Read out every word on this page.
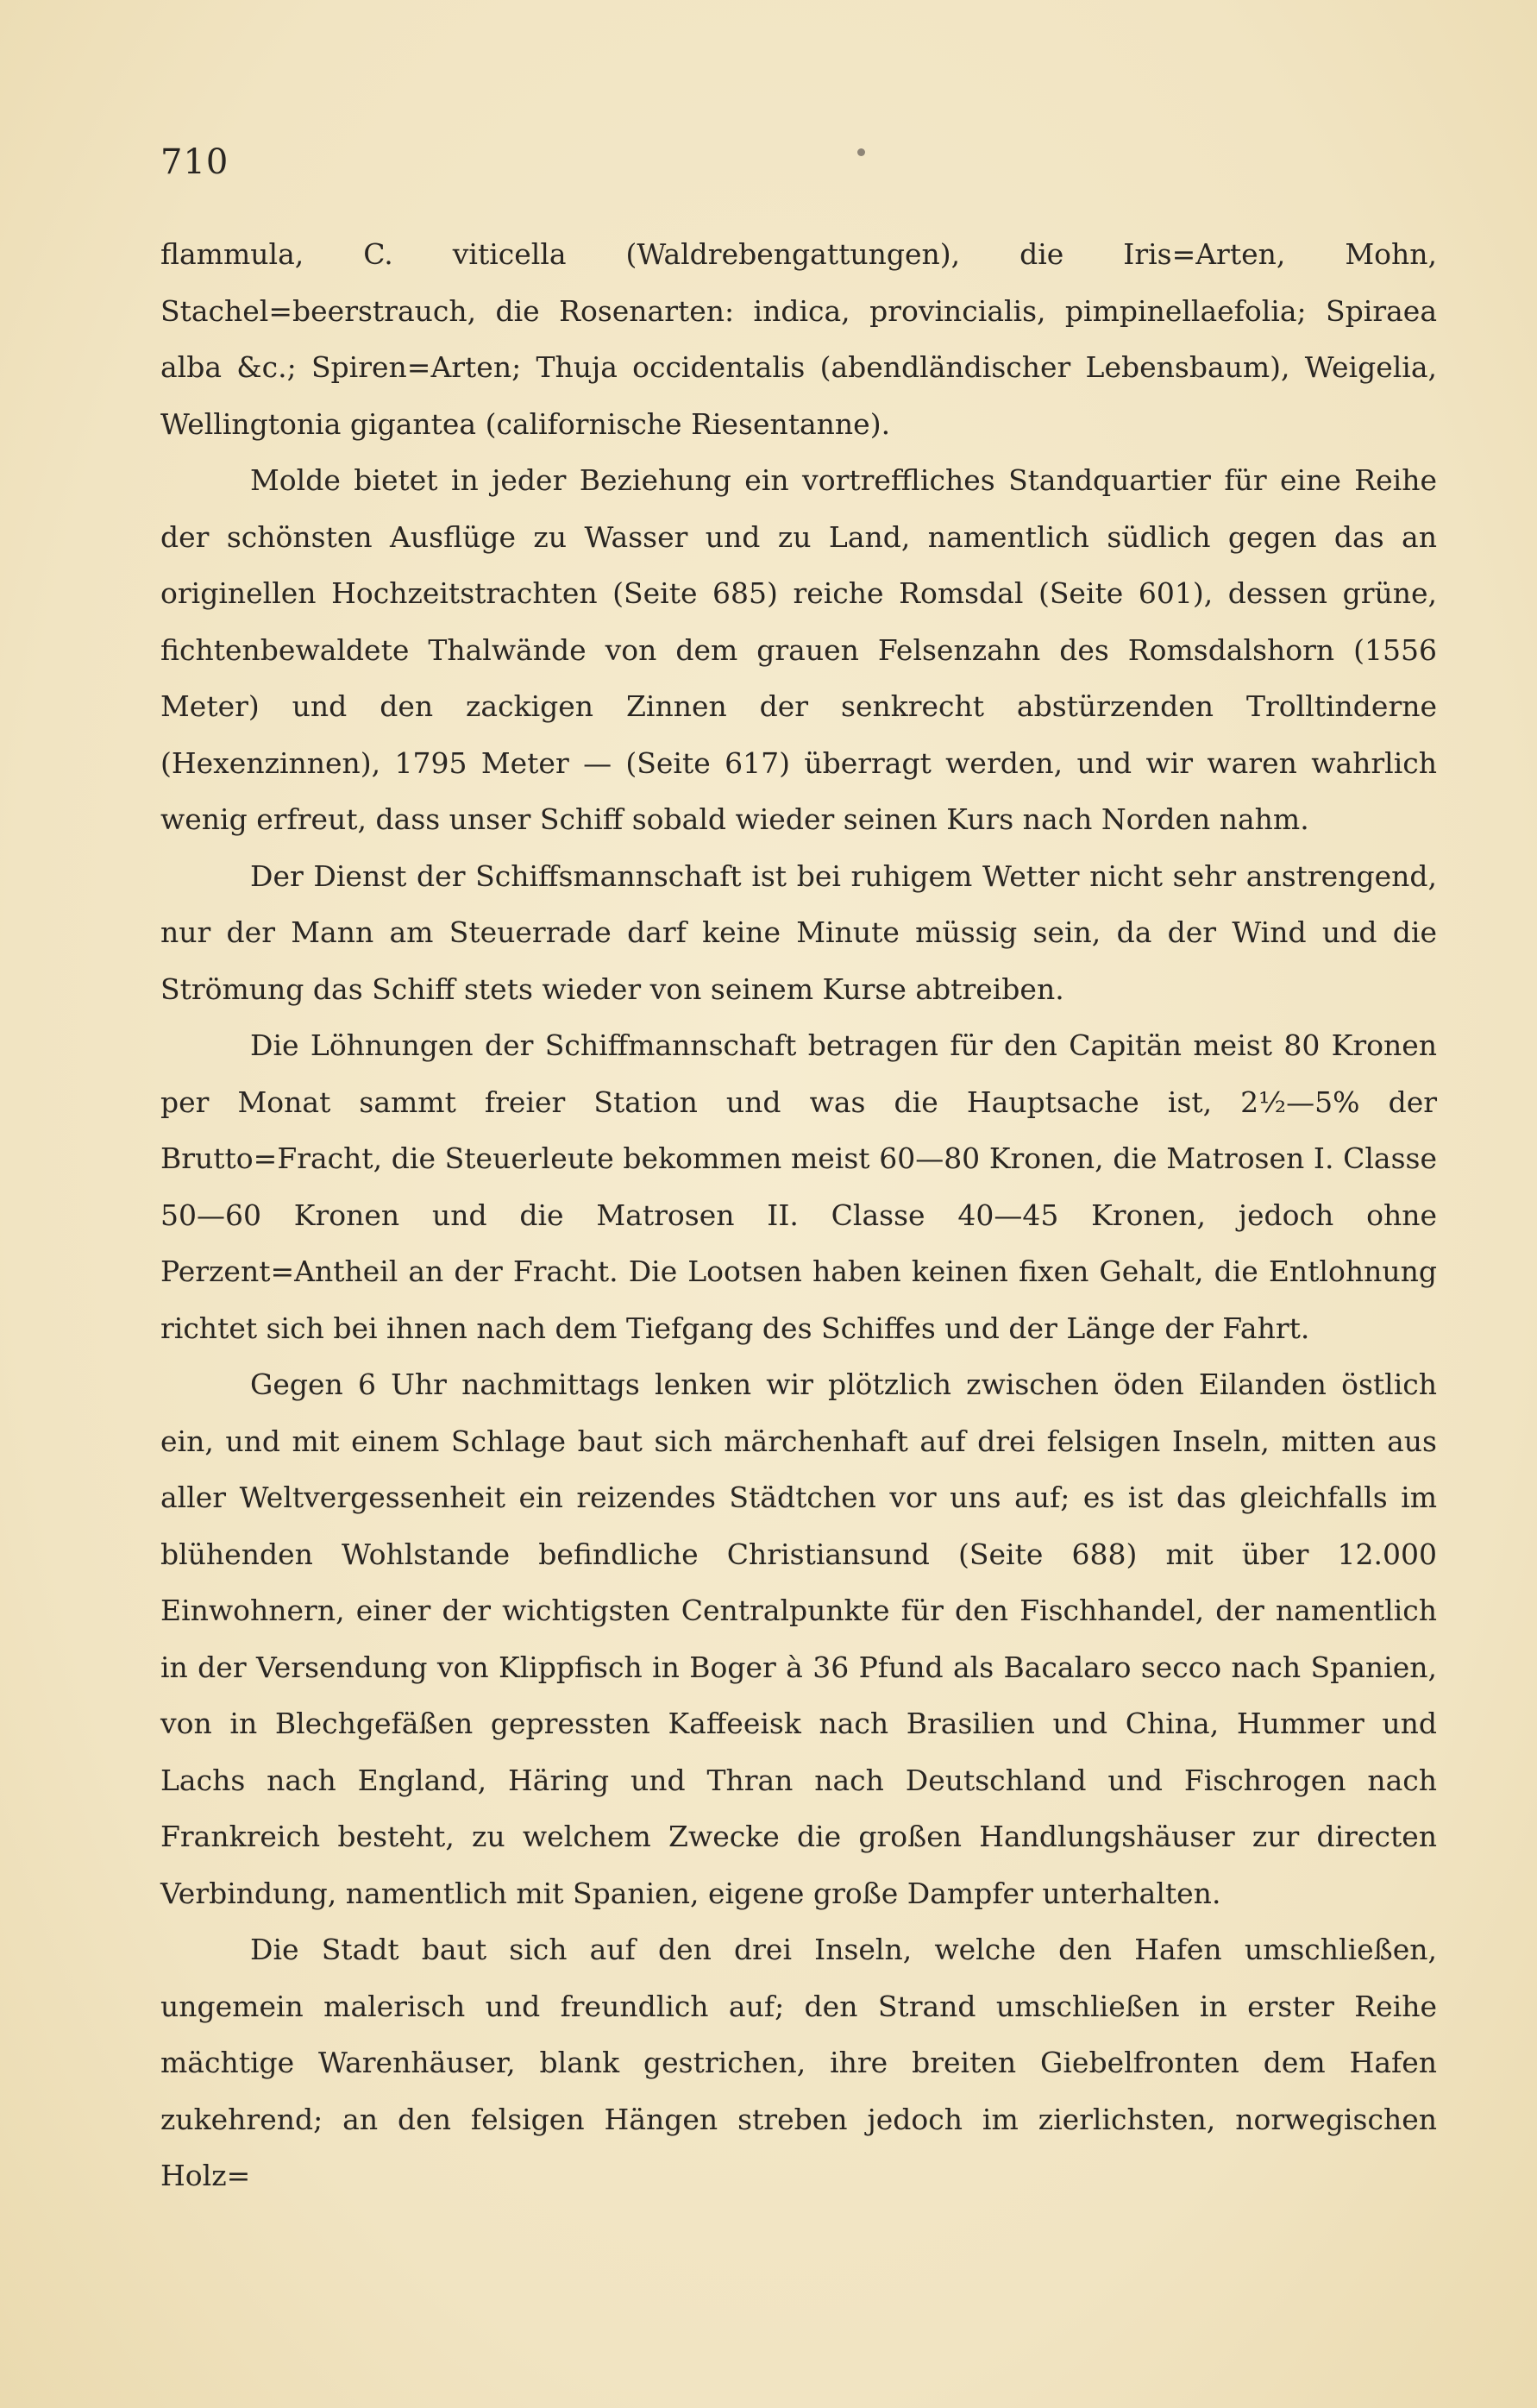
710

flammula, C. viticella (Waldrebengattungen), die Iris=Arten, Mohn, Stachel=beerstrauch, die Rosenarten: indica, provincialis, pimpinellaefolia; Spiraea alba &c.; Spiren=Arten; Thuja occidentalis (abendländischer Lebensbaum), Weigelia, Wellingtonia gigantea (californische Riesentanne).

Molde bietet in jeder Beziehung ein vortreffliches Standquartier für eine Reihe der schönsten Ausflüge zu Wasser und zu Land, namentlich südlich gegen das an originellen Hochzeitstrachten (Seite 685) reiche Romsdal (Seite 601), dessen grüne, fichtenbewaldete Thalwände von dem grauen Felsenzahn des Romsdalshorn (1556 Meter) und den zackigen Zinnen der senkrecht abstürzenden Trolltinderne (Hexenzinnen), 1795 Meter — (Seite 617) überragt werden, und wir waren wahrlich wenig erfreut, dass unser Schiff sobald wieder seinen Kurs nach Norden nahm.

Der Dienst der Schiffsmannschaft ist bei ruhigem Wetter nicht sehr anstrengend, nur der Mann am Steuerrade darf keine Minute müssig sein, da der Wind und die Strömung das Schiff stets wieder von seinem Kurse abtreiben.

Die Löhnungen der Schiffmannschaft betragen für den Capitän meist 80 Kronen per Monat sammt freier Station und was die Hauptsache ist, 2½—5% der Brutto=Fracht, die Steuerleute bekommen meist 60—80 Kronen, die Matrosen I. Classe 50—60 Kronen und die Matrosen II. Classe 40—45 Kronen, jedoch ohne Perzent=Antheil an der Fracht. Die Lootsen haben keinen fixen Gehalt, die Entlohnung richtet sich bei ihnen nach dem Tiefgang des Schiffes und der Länge der Fahrt.

Gegen 6 Uhr nachmittags lenken wir plötzlich zwischen öden Eilanden östlich ein, und mit einem Schlage baut sich märchenhaft auf drei felsigen Inseln, mitten aus aller Weltvergessenheit ein reizendes Städtchen vor uns auf; es ist das gleichfalls im blühenden Wohlstande befindliche Christiansund (Seite 688) mit über 12.000 Einwohnern, einer der wichtigsten Centralpunkte für den Fischhandel, der namentlich in der Versendung von Klippfisch in Boger à 36 Pfund als Bacalaro secco nach Spanien, von in Blechgefäßen gepressten Kaffeeisk nach Brasilien und China, Hummer und Lachs nach England, Häring und Thran nach Deutschland und Fischrogen nach Frankreich besteht, zu welchem Zwecke die großen Handlungshäuser zur directen Verbindung, namentlich mit Spanien, eigene große Dampfer unterhalten.

Die Stadt baut sich auf den drei Inseln, welche den Hafen umschließen, ungemein malerisch und freundlich auf; den Strand umschließen in erster Reihe mächtige Warenhäuser, blank gestrichen, ihre breiten Giebelfronten dem Hafen zukehrend; an den felsigen Hängen streben jedoch im zierlichsten, norwegischen Holz=
